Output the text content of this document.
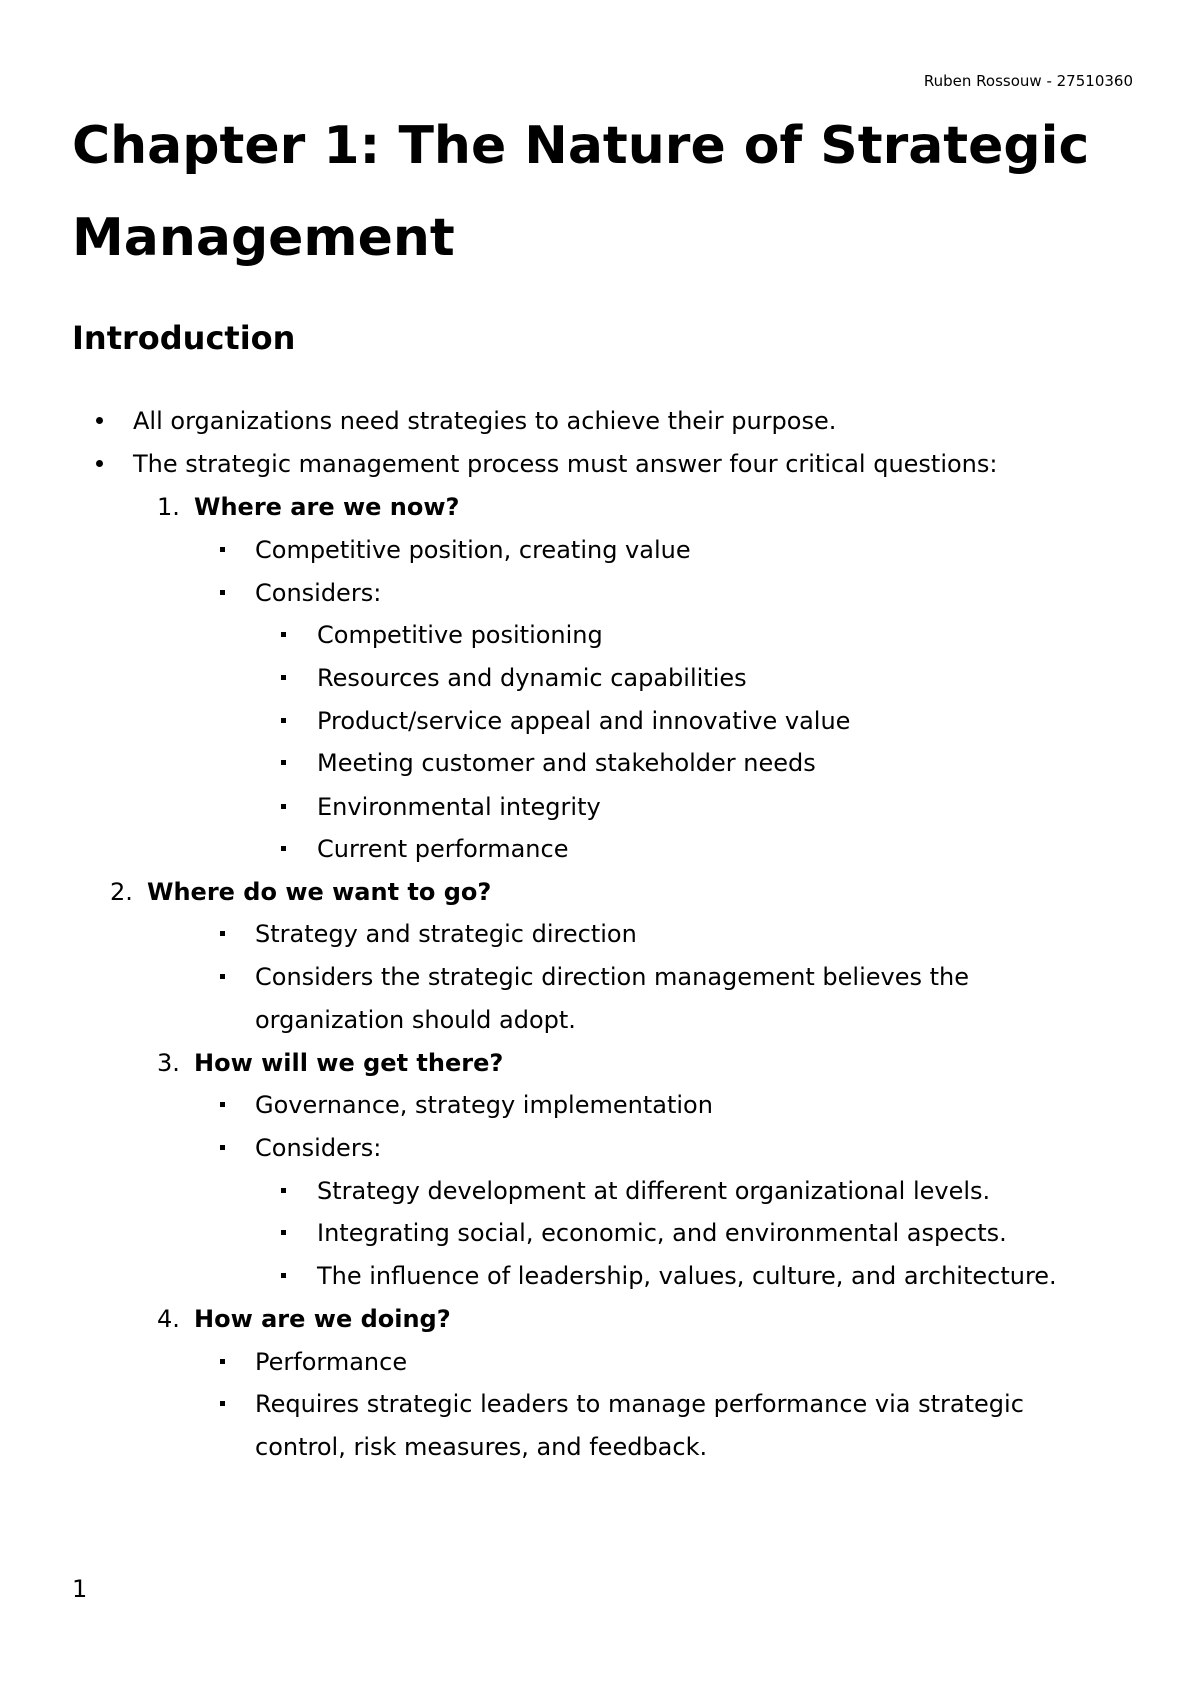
Ruben Rossouw - 27510360
Chapter 1: The Nature of Strategic Management
Introduction
All organizations need strategies to achieve their purpose.
The strategic management process must answer four critical questions:
1. Where are we now?
Competitive position, creating value
Considers:
Competitive positioning
Resources and dynamic capabilities
Product/service appeal and innovative value
Meeting customer and stakeholder needs
Environmental integrity
Current performance
2. Where do we want to go?
Strategy and strategic direction
Considers the strategic direction management believes the
organization should adopt.
3. How will we get there?
Governance, strategy implementation
Considers:
Strategy development at different organizational levels.
Integrating social, economic, and environmental aspects.
The influence of leadership, values, culture, and architecture.
4. How are we doing?
Performance
Requires strategic leaders to manage performance via strategic
control, risk measures, and feedback.
1
